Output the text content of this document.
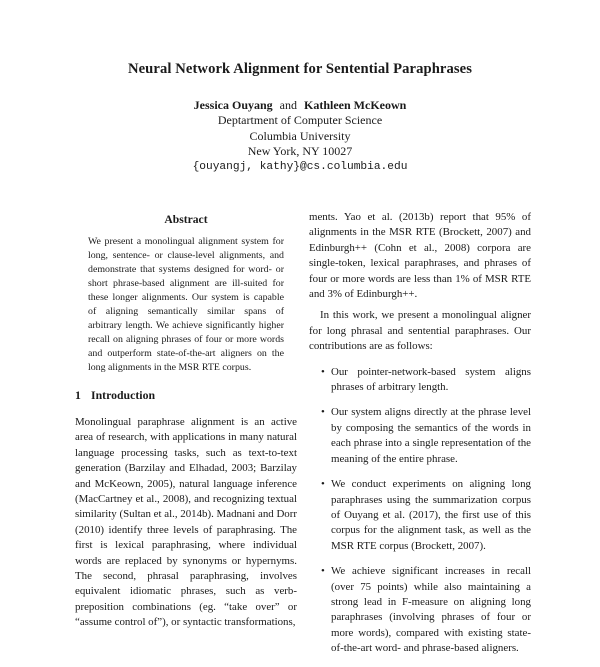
Neural Network Alignment for Sentential Paraphrases
Jessica Ouyang and Kathleen McKeown
Deptartment of Computer Science
Columbia University
New York, NY 10027
{ouyangj, kathy}@cs.columbia.edu
Abstract

We present a monolingual alignment system for long, sentence- or clause-level alignments, and demonstrate that systems designed for word- or short phrase-based alignment are ill-suited for these longer alignments. Our system is capable of aligning semantically similar spans of arbitrary length. We achieve significantly higher recall on aligning phrases of four or more words and outperform state-of-the-art aligners on the long alignments in the MSR RTE corpus.

1 Introduction

Monolingual paraphrase alignment is an active area of research, with applications in many natural language processing tasks, such as text-to-text generation (Barzilay and Elhadad, 2003; Barzilay and McKeown, 2005), natural language inference (MacCartney et al., 2008), and recognizing textual similarity (Sultan et al., 2014b). Madnani and Dorr (2010) identify three levels of paraphrasing. The first is lexical paraphrasing, where individual words are replaced by synonyms or hypernyms. The second, phrasal paraphrasing, involves equivalent idiomatic phrases, such as verb-preposition combinations (eg. “take over” or “assume control of”), or syntactic transformations,

ments. Yao et al. (2013b) report that 95% of alignments in the MSR RTE (Brockett, 2007) and Edinburgh++ (Cohn et al., 2008) corpora are single-token, lexical paraphrases, and phrases of four or more words are less than 1% of MSR RTE and 3% of Edinburgh++.

In this work, we present a monolingual aligner for long phrasal and sentential paraphrases. Our contributions are as follows:

• Our pointer-network-based system aligns phrases of arbitrary length.
• Our system aligns directly at the phrase level by composing the semantics of the words in each phrase into a single representation of the meaning of the entire phrase.
• We conduct experiments on aligning long paraphrases using the summarization corpus of Ouyang et al. (2017), the first use of this corpus for the alignment task, as well as the MSR RTE corpus (Brockett, 2007).
• We achieve significant increases in recall (over 75 points) while also maintaining a strong lead in F-measure on aligning long paraphrases (involving phrases of four or more words), compared with existing state-of-the-art word- and phrase-based aligners.
